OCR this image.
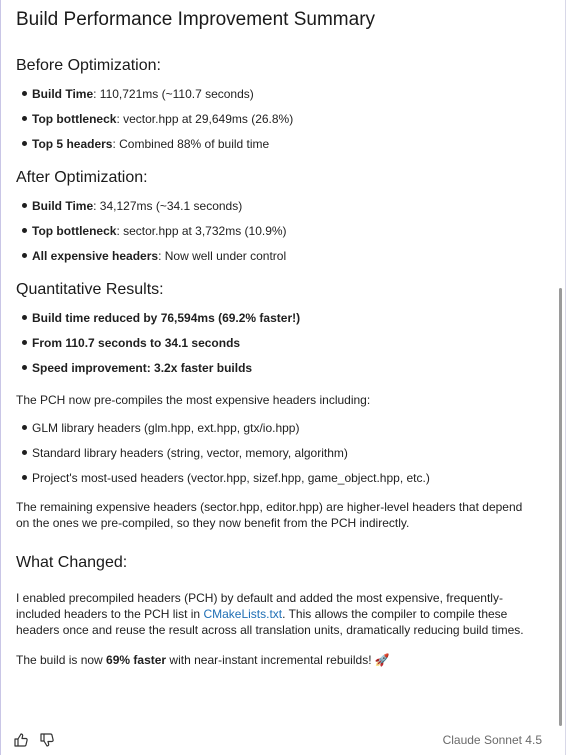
Build Performance Improvement Summary
Before Optimization:
Build Time: 110,721ms (~110.7 seconds)
Top bottleneck: vector.hpp at 29,649ms (26.8%)
Top 5 headers: Combined 88% of build time
After Optimization:
Build Time: 34,127ms (~34.1 seconds)
Top bottleneck: sector.hpp at 3,732ms (10.9%)
All expensive headers: Now well under control
Quantitative Results:
Build time reduced by 76,594ms (69.2% faster!)
From 110.7 seconds to 34.1 seconds
Speed improvement: 3.2x faster builds

The PCH now pre-compiles the most expensive headers including:

GLM library headers (glm.hpp, ext.hpp, gtx/io.hpp)
Standard library headers (string, vector, memory, algorithm)
Project's most-used headers (vector.hpp, sizef.hpp, game_object.hpp, etc.)

The remaining expensive headers (sector.hpp, editor.hpp) are higher-level headers that depend on the ones we pre-compiled, so they now benefit from the PCH indirectly.

What Changed:

I enabled precompiled headers (PCH) by default and added the most expensive, frequently-included headers to the PCH list in CMakeLists.txt. This allows the compiler to compile these headers once and reuse the result across all translation units, dramatically reducing build times.

The build is now 69% faster with near-instant incremental rebuilds! 🚀

Claude Sonnet 4.5
